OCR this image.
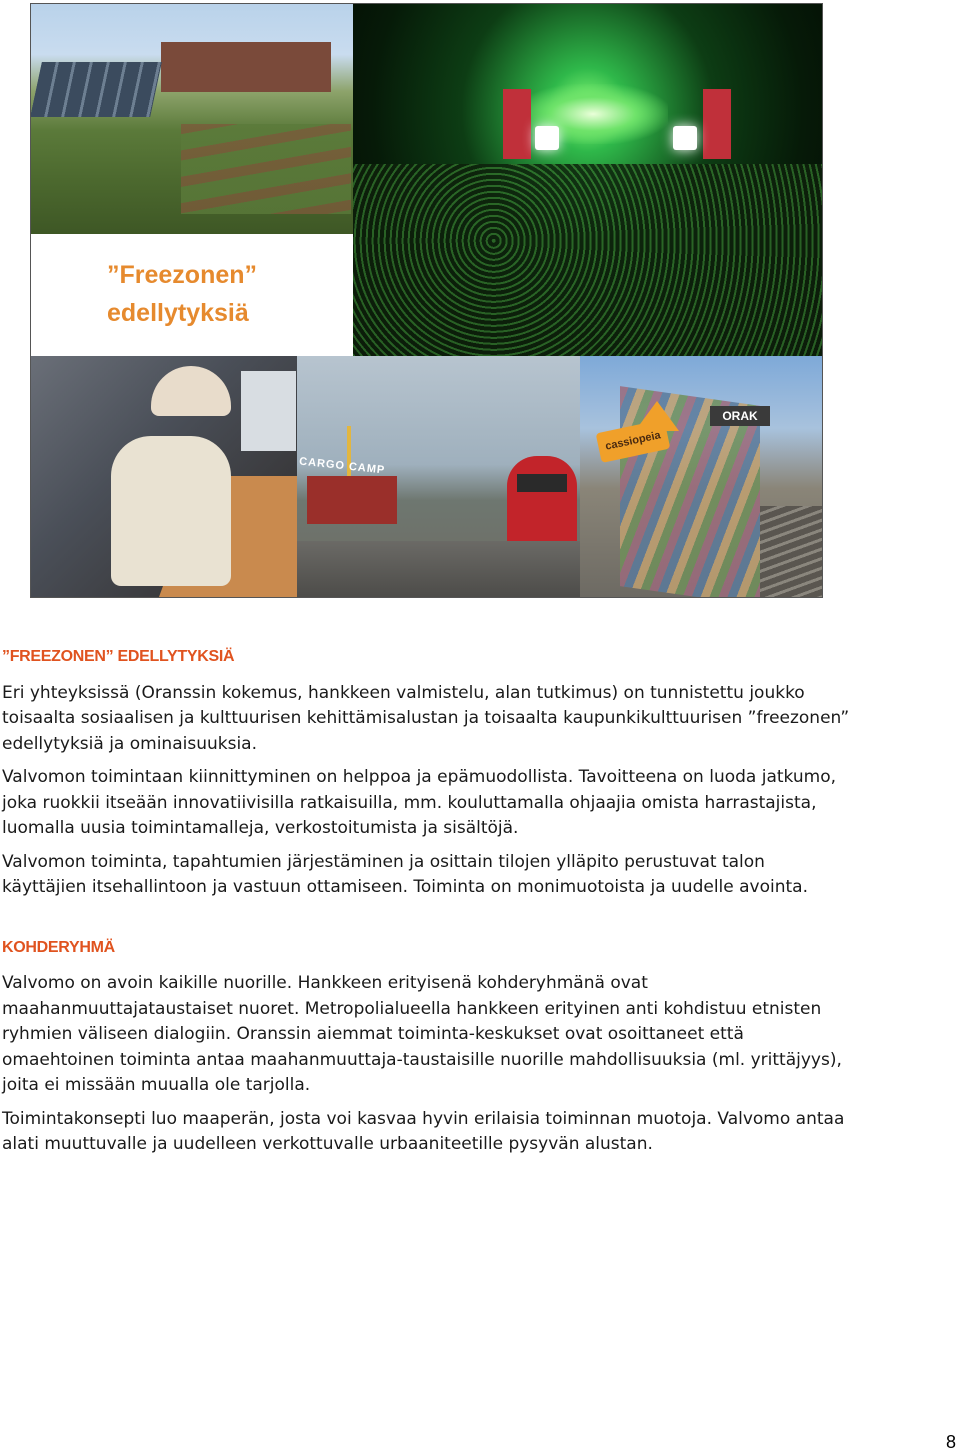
”Freezonen”
edellytyksiä
CARGO CAMP
cassiopeia
ORAK
”FREEZONEN” EDELLYTYKSIÄ

Eri yhteyksissä (Oranssin kokemus, hankkeen valmistelu, alan tutkimus) on tunnistettu joukko toisaalta sosiaalisen ja kulttuurisen kehittämisalustan ja toisaalta kaupunkikulttuurisen ”freezonen” edellytyksiä ja ominaisuuksia.

Valvomon toimintaan kiinnittyminen on helppoa ja epämuodollista. Tavoitteena on luoda jatkumo, joka ruokkii itseään innovatiivisilla ratkaisuilla, mm. kouluttamalla ohjaajia omista harrastajista, luomalla uusia toimintamalleja, verkostoitumista ja sisältöjä.

Valvomon toiminta, tapahtumien järjestäminen ja osittain tilojen ylläpito perustuvat talon käyttäjien itsehallintoon ja vastuun ottamiseen. Toiminta on monimuotoista ja uudelle avointa.

KOHDERYHMÄ

Valvomo on avoin kaikille nuorille. Hankkeen erityisenä kohderyhmänä ovat maahanmuuttajataustaiset nuoret. Metropolialueella hankkeen erityinen anti kohdistuu etnisten ryhmien väliseen dialogiin. Oranssin aiemmat toiminta-keskukset ovat osoittaneet että omaehtoinen toiminta antaa maahanmuuttaja-taustaisille nuorille mahdollisuuksia (ml. yrittäjyys), joita ei missään muualla ole tarjolla.

Toimintakonsepti luo maaperän, josta voi kasvaa hyvin erilaisia toiminnan muotoja. Valvomo antaa alati muuttuvalle ja uudelleen verkottuvalle urbaaniteetille pysyvän alustan.

8
